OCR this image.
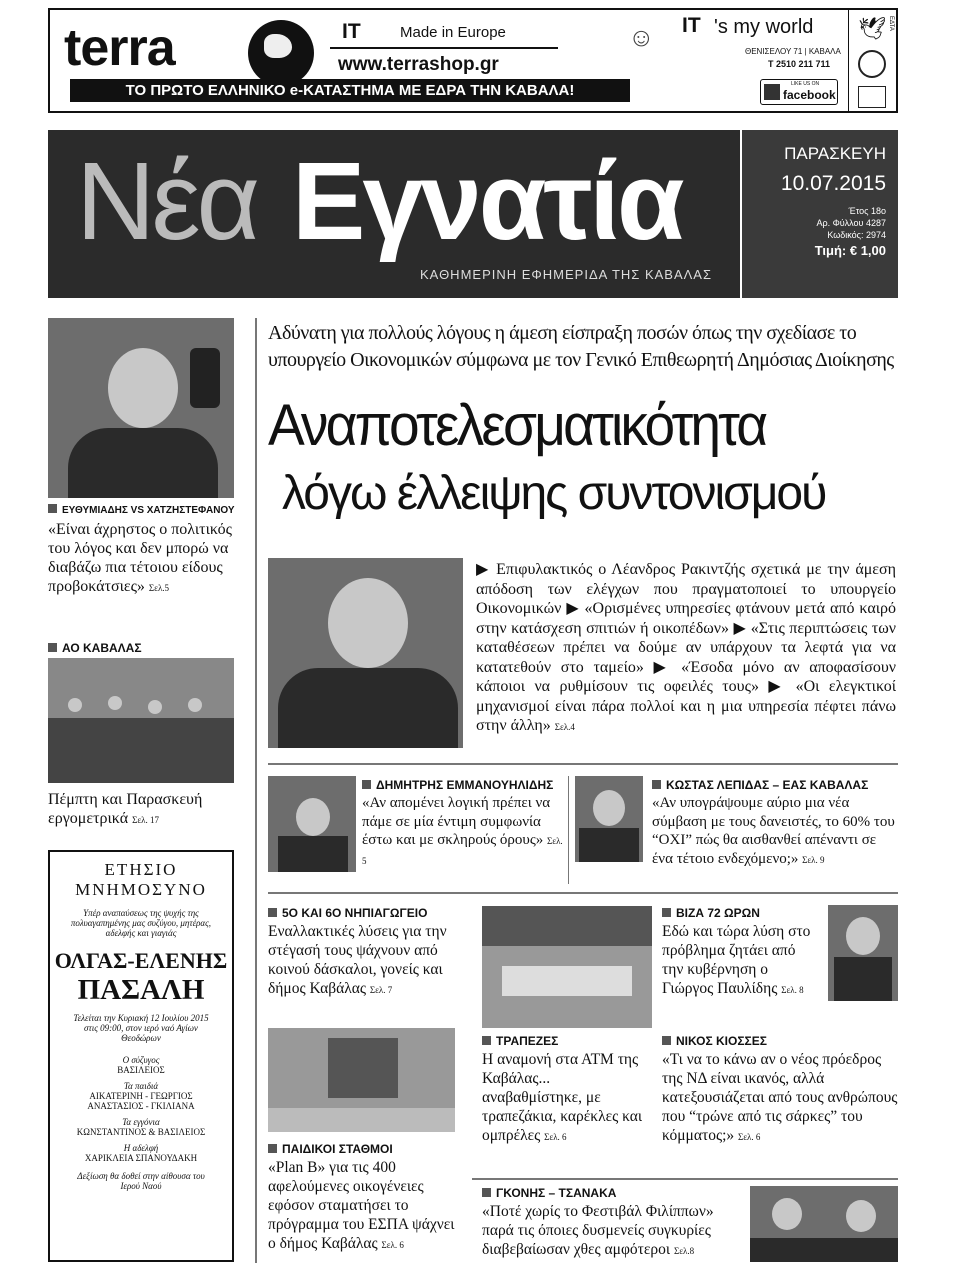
terra	IT	Made in Europe
www.terrashop.gr
☺ IT 's my world
ΘΕΝΙΣΕΛΟΥ 71 | ΚΑΒΑΛΑ
T 2510 211 711
LIKE US ON
facebook
🕊 ΕΔΤΑ
ΤΟ ΠΡΩΤΟ ΕΛΛΗΝΙΚΟ e-ΚΑΤΑΣΤΗΜΑ ΜΕ ΕΔΡΑ ΤΗΝ ΚΑΒΑΛΑ!
Νέα Εγνατία
ΚΑΘΗΜΕΡΙΝΗ ΕΦΗΜΕΡΙΔΑ ΤΗΣ ΚΑΒΑΛΑΣ
ΠΑΡΑΣΚΕΥΗ
10.07.2015
Έτος 18ο
Αρ. Φύλλου 4287
Κωδικός: 2974
Τιμή: € 1,00
ΕΥΘΥΜΙΑΔΗΣ VS ΧΑΤΖΗΣΤΕΦΑΝΟΥ
«Είναι άχρηστος ο πολιτικός του λόγος και δεν μπορώ να διαβάζω πια τέτοιου είδους προβοκάτσιες» Σελ.5
ΑΟ ΚΑΒΑΛΑΣ
Πέμπτη και Παρασκευή εργομετρικά Σελ. 17
ΕΤΗΣΙΟ
ΜΝΗΜΟΣΥΝΟ
Υπέρ αναπαύσεως της ψυχής της πολυαγαπημένης μας συζύγου, μητέρας, αδελφής και γιαγιάς
ΟΛΓΑΣ-ΕΛΕΝΗΣ
ΠΑΣΑΛΗ
Τελείται την Κυριακή 12 Ιουλίου 2015 στις 09:00, στον ιερό ναό Αγίων Θεοδώρων
Ο σύζυγος
ΒΑΣΙΛΕΙΟΣ
Τα παιδιά
ΑΙΚΑΤΕΡΙΝΗ - ΓΕΩΡΓΙΟΣ
ΑΝΑΣΤΑΣΙΟΣ - ΓΚΙΛΙΑΝΑ
Τα εγγόνια
ΚΩΝΣΤΑΝΤΙΝΟΣ & ΒΑΣΙΛΕΙΟΣ
Η αδελφή
ΧΑΡΙΚΛΕΙΑ ΣΠΑΝΟΥΔΑΚΗ
Δεξίωση θα δοθεί στην αίθουσα του Ιερού Ναού
Αδύνατη για πολλούς λόγους η άμεση είσπραξη ποσών όπως την σχεδίασε το
υπουργείο Οικονομικών σύμφωνα με τον Γενικό Επιθεωρητή Δημόσιας Διοίκησης
Αναποτελεσματικότητα
λόγω έλλειψης συντονισμού
▶ Επιφυλακτικός ο Λέανδρος Ρακιντζής σχετικά με την άμεση απόδοση των ελέγχων που πραγματοποιεί το υπουργείο Οικονομικών ▶ «Ορισμένες υπηρεσίες φτάνουν μετά από καιρό στην κατάσχεση σπιτιών ή οικοπέδων» ▶ «Στις περιπτώσεις των καταθέσεων πρέπει να δούμε αν υπάρχουν τα λεφτά για να κατατεθούν στο ταμείο» ▶ «Έσοδα μόνο αν αποφασίσουν κάποιοι να ρυθμίσουν τις οφειλές τους» ▶ «Οι ελεγκτικοί μηχανισμοί είναι πάρα πολλοί και η μια υπηρεσία πέφτει πάνω στην άλλη» Σελ.4
ΔΗΜΗΤΡΗΣ ΕΜΜΑΝΟΥΗΛΙΔΗΣ
«Αν απομένει λογική πρέπει να πάμε σε μία έντιμη συμφωνία έστω και με σκληρούς όρους» Σελ. 5
ΚΩΣΤΑΣ ΛΕΠΙΔΑΣ – ΕΑΣ ΚΑΒΑΛΑΣ
«Αν υπογράψουμε αύριο μια νέα σύμβαση με τους δανειστές, το 60% του “ΟΧΙ” πώς θα αισθανθεί απέναντι σε ένα τέτοιο ενδεχόμενο;» Σελ. 9
5Ο ΚΑΙ 6Ο ΝΗΠΙΑΓΩΓΕΙΟ
Εναλλακτικές λύσεις για την στέγασή τους ψάχνουν από κοινού δάσκαλοι, γονείς και δήμος Καβάλας Σελ. 7
ΠΑΙΔΙΚΟΙ ΣΤΑΘΜΟΙ
«Plan B» για τις 400 αφελούμενες οικογένειες εφόσον σταματήσει το πρόγραμμα του ΕΣΠΑ ψάχνει ο δήμος Καβάλας Σελ. 6
ΤΡΑΠΕΖΕΣ
Η αναμονή στα ΑΤΜ της Καβάλας... αναβαθμίστηκε, με τραπεζάκια, καρέκλες και ομπρέλες Σελ. 6
ΒΙΖΑ 72 ΩΡΩΝ
Εδώ και τώρα λύση στο πρόβλημα ζητάει από την κυβέρνηση ο Γιώργος Παυλίδης Σελ. 8
ΝΙΚΟΣ ΚΙΟΣΣΕΣ
«Τι να το κάνω αν ο νέος πρόεδρος της ΝΔ είναι ικανός, αλλά κατεξουσιάζεται από τους ανθρώπους που “τρώνε από τις σάρκες” του κόμματος;» Σελ. 6
ΓΚΟΝΗΣ – ΤΣΑΝΑΚΑ
«Ποτέ χωρίς το Φεστιβάλ Φιλίππων» παρά τις όποιες δυσμενείς συγκυρίες διαβεβαίωσαν χθες αμφότεροι Σελ.8
